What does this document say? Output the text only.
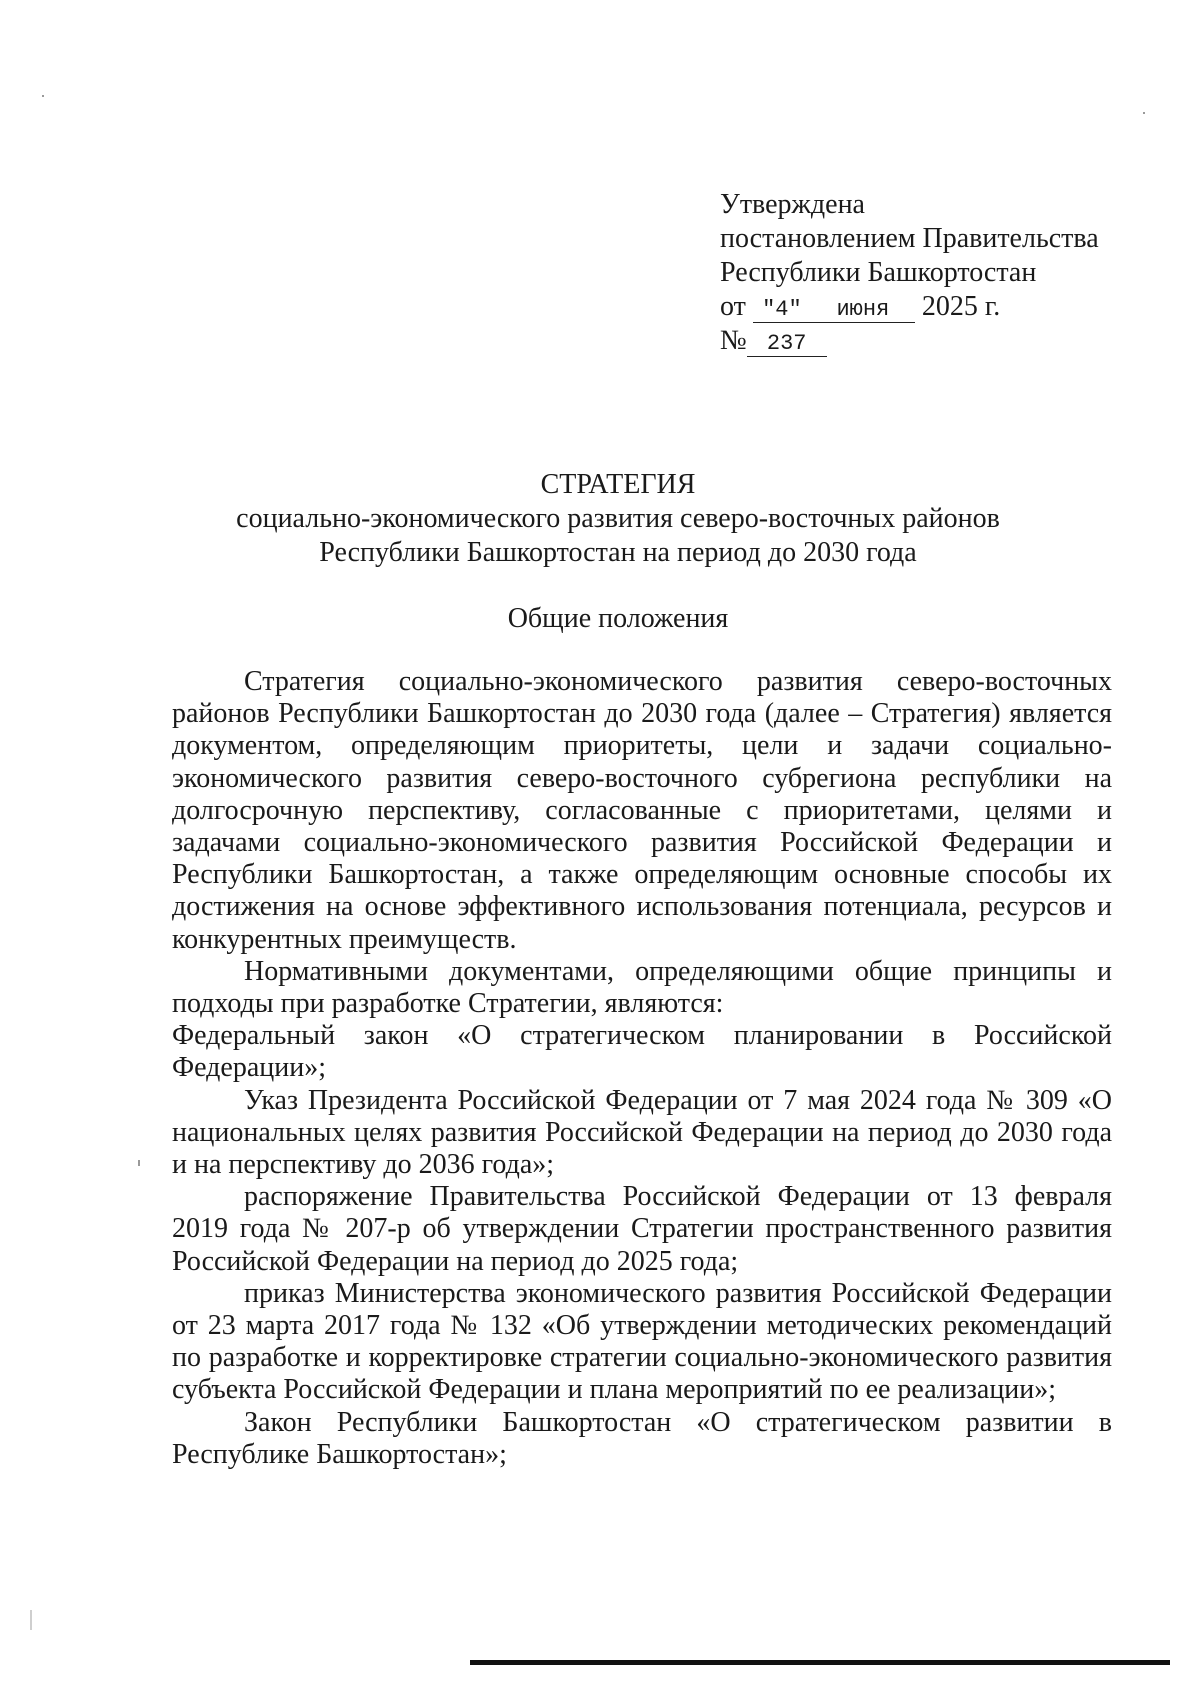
Утверждена
постановлением Правительства
Республики Башкортостан
от "4" июня 2025 г.
№ 237
СТРАТЕГИЯ
социально-экономического развития северо-восточных районов
Республики Башкортостан на период до 2030 года
Общие положения

Стратегия социально-экономического развития северо-восточных районов Республики Башкортостан до 2030 года (далее – Стратегия) является документом, определяющим приоритеты, цели и задачи социально-экономического развития северо-восточного субрегиона республики на долгосрочную перспективу, согласованные с приоритетами, целями и задачами социально-экономического развития Российской Федерации и Республики Башкортостан, а также определяющим основные способы их достижения на основе эффективного использования потенциала, ресурсов и конкурентных преимуществ.

Нормативными документами, определяющими общие принципы и подходы при разработке Стратегии, являются:

Федеральный закон «О стратегическом планировании в Российской Федерации»;

Указ Президента Российской Федерации от 7 мая 2024 года № 309 «О национальных целях развития Российской Федерации на период до 2030 года и на перспективу до 2036 года»;

распоряжение Правительства Российской Федерации от 13 февраля 2019 года № 207-р об утверждении Стратегии пространственного развития Российской Федерации на период до 2025 года;

приказ Министерства экономического развития Российской Федерации от 23 марта 2017 года № 132 «Об утверждении методических рекомендаций по разработке и корректировке стратегии социально-экономического развития субъекта Российской Федерации и плана мероприятий по ее реализации»;

Закон Республики Башкортостан «О стратегическом развитии в Республике Башкортостан»;
